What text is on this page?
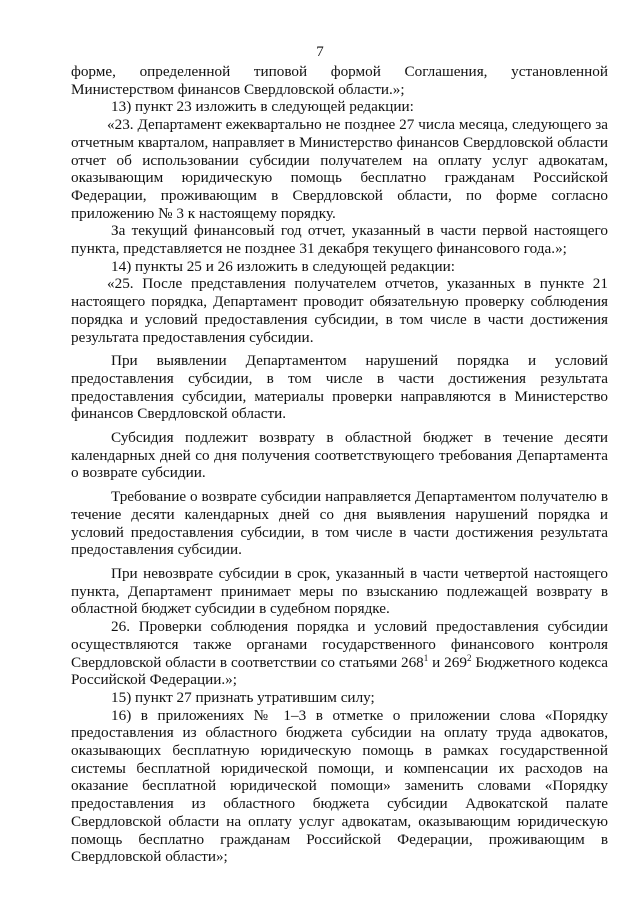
7

форме, определенной типовой формой Соглашения, установленной

Министерством финансов Свердловской области.»;

13) пункт 23 изложить в следующей редакции:

«23. Департамент ежеквартально не позднее 27 числа месяца, следующего за отчетным кварталом, направляет в Министерство финансов Свердловской области отчет об использовании субсидии получателем на оплату услуг адвокатам, оказывающим юридическую помощь бесплатно гражданам Российской Федерации, проживающим в Свердловской области, по форме согласно приложению № 3 к настоящему порядку.

За текущий финансовый год отчет, указанный в части первой настоящего пункта, представляется не позднее 31 декабря текущего финансового года.»;

14) пункты 25 и 26 изложить в следующей редакции:

«25. После представления получателем отчетов, указанных в пункте 21 настоящего порядка, Департамент проводит обязательную проверку соблюдения порядка и условий предоставления субсидии, в том числе в части достижения результата предоставления субсидии.

При выявлении Департаментом нарушений порядка и условий предоставления субсидии, в том числе в части достижения результата предоставления субсидии, материалы проверки направляются в Министерство финансов Свердловской области.

Субсидия подлежит возврату в областной бюджет в течение десяти календарных дней со дня получения соответствующего требования Департамента о возврате субсидии.

Требование о возврате субсидии направляется Департаментом получателю в течение десяти календарных дней со дня выявления нарушений порядка и условий предоставления субсидии, в том числе в части достижения результата предоставления субсидии.

При невозврате субсидии в срок, указанный в части четвертой настоящего пункта, Департамент принимает меры по взысканию подлежащей возврату в областной бюджет субсидии в судебном порядке.

26. Проверки соблюдения порядка и условий предоставления субсидии осуществляются также органами государственного финансового контроля Свердловской области в соответствии со статьями $268^1$ и $269^2$ Бюджетного кодекса Российской Федерации.»;

15) пункт 27 признать утратившим силу;

16) в приложениях № 1–3 в отметке о приложении слова «Порядку предоставления из областного бюджета субсидии на оплату труда адвокатов, оказывающих бесплатную юридическую помощь в рамках государственной системы бесплатной юридической помощи, и компенсации их расходов на оказание бесплатной юридической помощи» заменить словами «Порядку предоставления из областного бюджета субсидии Адвокатской палате Свердловской области на оплату услуг адвокатам, оказывающим юридическую помощь бесплатно гражданам Российской Федерации, проживающим в Свердловской области»;
